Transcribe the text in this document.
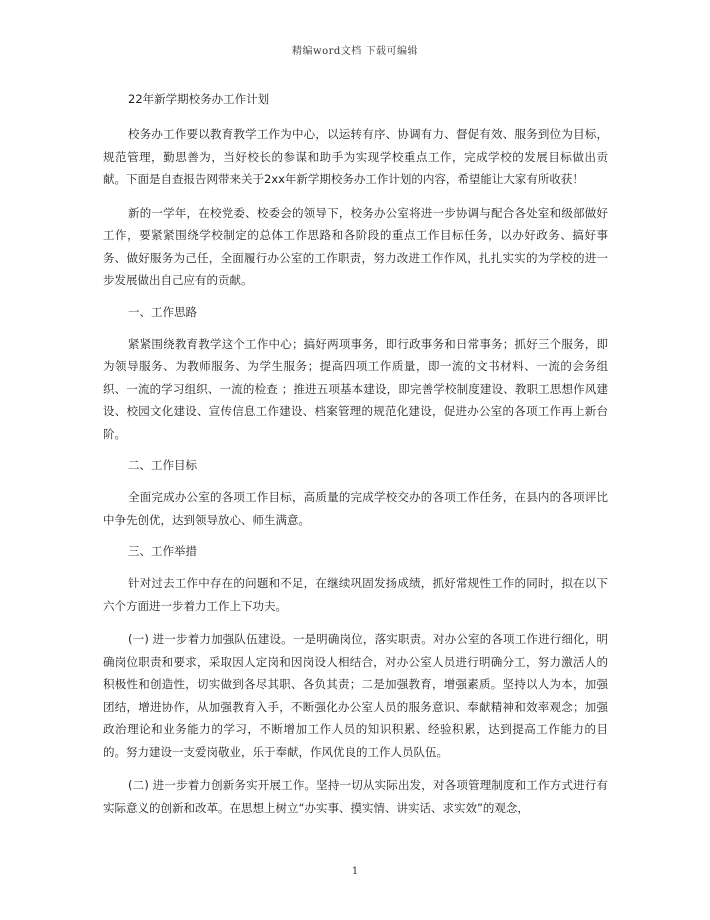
精编word文档 下载可编辑
22年新学期校务办工作计划

校务办工作要以教育教学工作为中心，以运转有序、协调有力、督促有效、服务到位为目标，规范管理，勤思善为，当好校长的参谋和助手为实现学校重点工作，完成学校的发展目标做出贡献。下面是自查报告网带来关于2xx年新学期校务办工作计划的内容，希望能让大家有所收获！

新的一学年，在校党委、校委会的领导下，校务办公室将进一步协调与配合各处室和级部做好工作，要紧紧围绕学校制定的总体工作思路和各阶段的重点工作目标任务，以办好政务、搞好事务、做好服务为己任，全面履行办公室的工作职责，努力改进工作作风，扎扎实实的为学校的进一步发展做出自己应有的贡献。

一、工作思路

紧紧围绕教育教学这个工作中心；搞好两项事务，即行政事务和日常事务；抓好三个服务，即为领导服务、为教师服务、为学生服务；提高四项工作质量，即一流的文书材料、一流的会务组织、一流的学习组织、一流的检查 ；推进五项基本建设，即完善学校制度建设、教职工思想作风建设、校园文化建设、宣传信息工作建设、档案管理的规范化建设，促进办公室的各项工作再上新台阶。

二、工作目标

全面完成办公室的各项工作目标，高质量的完成学校交办的各项工作任务，在县内的各项评比中争先创优，达到领导放心、师生满意。

三、工作举措

针对过去工作中存在的问题和不足，在继续巩固发扬成绩，抓好常规性工作的同时，拟在以下六个方面进一步着力工作上下功夫。

(一) 进一步着力加强队伍建设。一是明确岗位，落实职责。对办公室的各项工作进行细化，明确岗位职责和要求，采取因人定岗和因岗设人相结合，对办公室人员进行明确分工，努力激活人的积极性和创造性，切实做到各尽其职、各负其责；二是加强教育，增强素质。坚持以人为本，加强团结，增进协作，从加强教育入手，不断强化办公室人员的服务意识、奉献精神和效率观念；加强政治理论和业务能力的学习，不断增加工作人员的知识积累、经验积累，达到提高工作能力的目的。努力建设一支爱岗敬业，乐于奉献，作风优良的工作人员队伍。

(二) 进一步着力创新务实开展工作。坚持一切从实际出发，对各项管理制度和工作方式进行有实际意义的创新和改革。在思想上树立“办实事、摸实情、讲实话、求实效”的观念，

1
